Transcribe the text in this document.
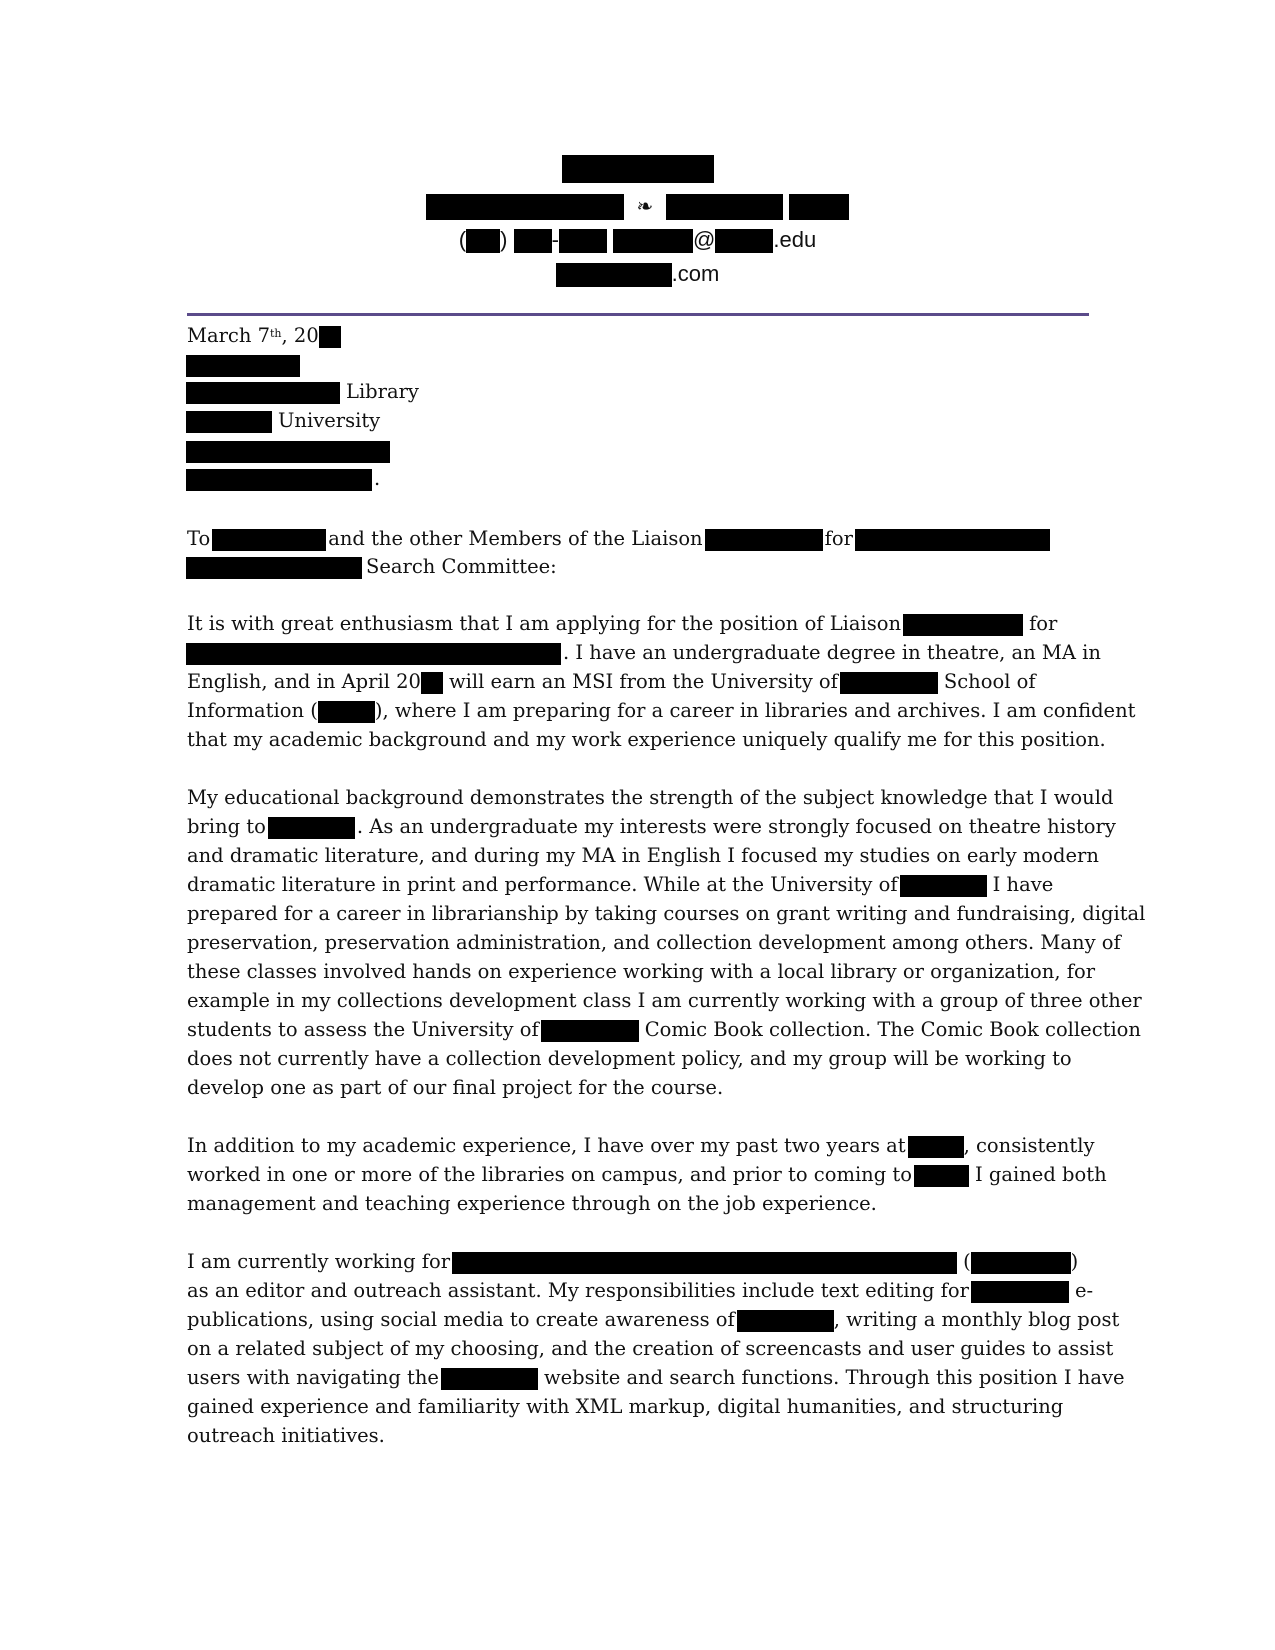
❧
( ) -	@	.edu
.com
March 7th, 20
Library
University
.
To	and the other Members of the Liaison	for
Search Committee:
It is with great enthusiasm that I am applying for the position of Liaison	for
. I have an undergraduate degree in theatre, an MA in
English, and in April 20 will earn an MSI from the University of	School of
Information (	), where I am preparing for a career in libraries and archives. I am confident
that my academic background and my work experience uniquely qualify me for this position.
My educational background demonstrates the strength of the subject knowledge that I would
bring to	. As an undergraduate my interests were strongly focused on theatre history
and dramatic literature, and during my MA in English I focused my studies on early modern
dramatic literature in print and performance. While at the University of	I have
prepared for a career in librarianship by taking courses on grant writing and fundraising, digital
preservation, preservation administration, and collection development among others. Many of
these classes involved hands on experience working with a local library or organization, for
example in my collections development class I am currently working with a group of three other
students to assess the University of	Comic Book collection. The Comic Book collection
does not currently have a collection development policy, and my group will be working to
develop one as part of our final project for the course.
In addition to my academic experience, I have over my past two years at	, consistently
worked in one or more of the libraries on campus, and prior to coming to	I gained both
management and teaching experience through on the job experience.
I am currently working for	(	)
as an editor and outreach assistant. My responsibilities include text editing for	e-
publications, using social media to create awareness of	, writing a monthly blog post
on a related subject of my choosing, and the creation of screencasts and user guides to assist
users with navigating the	website and search functions. Through this position I have
gained experience and familiarity with XML markup, digital humanities, and structuring
outreach initiatives.
